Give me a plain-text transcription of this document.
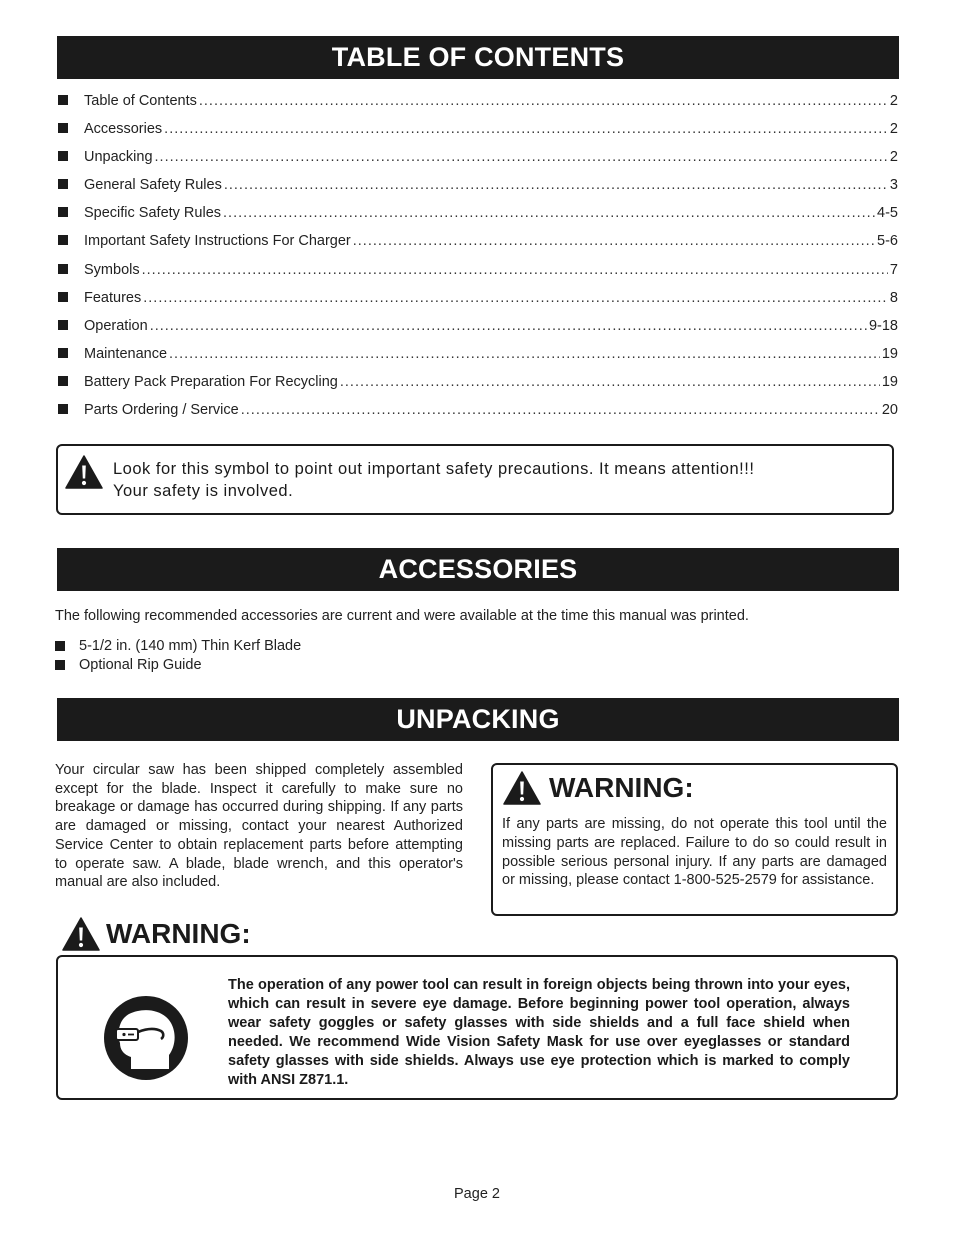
TABLE OF CONTENTS
Table of Contents .....	2
Accessories .....	2
Unpacking .....	2
General Safety Rules .....	3
Specific Safety Rules .....	4-5
Important Safety Instructions For Charger .....	5-6
Symbols .....	7
Features .....	8
Operation .....	9-18
Maintenance .....	19
Battery Pack Preparation For Recycling .....	19
Parts Ordering / Service .....	20
Look for this symbol to point out important safety precautions. It means attention!!!
Your safety is involved.
ACCESSORIES
The following recommended accessories are current and were available at the time this manual was printed.
5-1/2 in. (140 mm) Thin Kerf Blade
Optional Rip Guide
UNPACKING
Your circular saw has been shipped completely assembled except for the blade. Inspect it carefully to make sure no breakage or damage has occurred during shipping. If any parts are damaged or missing, contact your nearest Authorized Service Center to obtain replacement parts before attempting to operate saw. A blade, blade wrench, and this operator's manual are also included.
WARNING:
If any parts are missing, do not operate this tool until the missing parts are replaced. Failure to do so could result in possible serious personal injury. If any parts are damaged or missing, please contact 1-800-525-2579 for assistance.
WARNING:
The operation of any power tool can result in foreign objects being thrown into your eyes, which can result in severe eye damage. Before beginning power tool operation, always wear safety goggles or safety glasses with side shields and a full face shield when needed. We recommend Wide Vision Safety Mask for use over eyeglasses or standard safety glasses with side shields. Always use eye protection which is marked to comply with ANSI Z871.1.
Page 2
